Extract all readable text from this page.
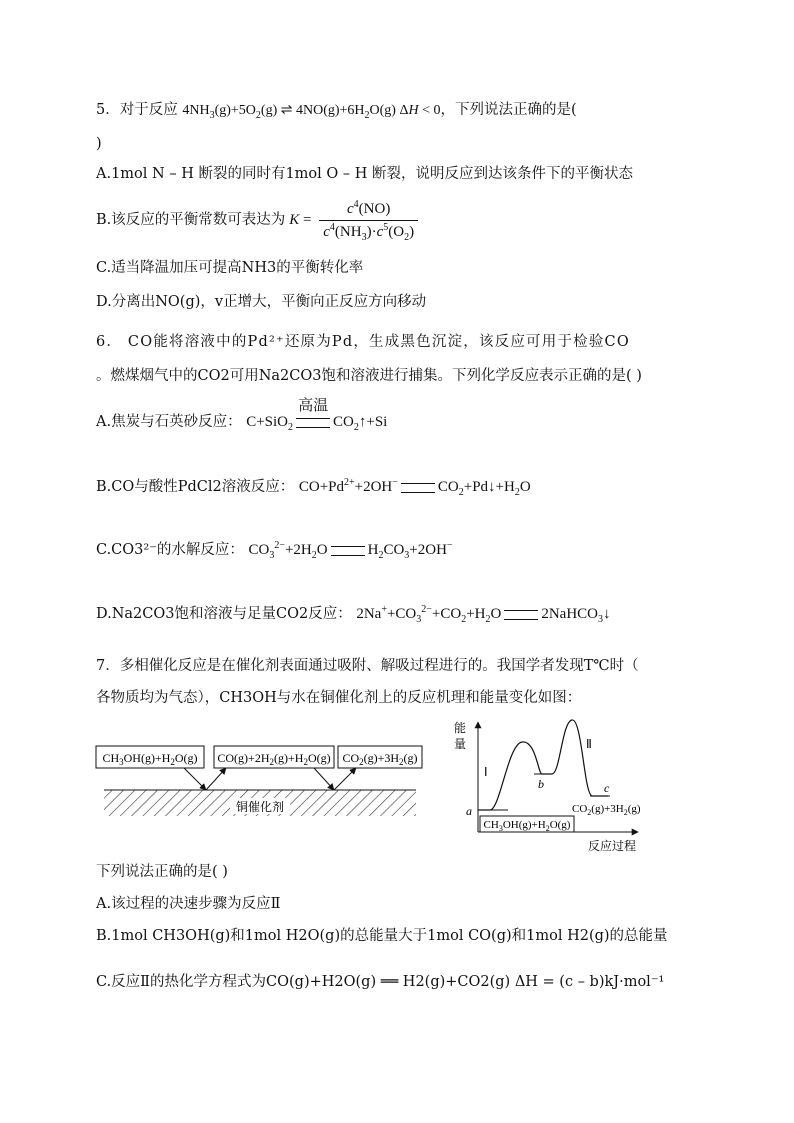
5．对于反应 $4NH_3(g)+5O_2(g)$ ⇌ $4NO(g)+6H_2O(g) \Delta H < 0$，下列说法正确的是(
)
A.1mol N – H 断裂的同时有1mol O – H 断裂，说明反应到达该条件下的平衡状态
B.该反应的平衡常数可表达为 $K = \frac{c^4(NO)}{c^4(NH_3)\cdot c^5(O_2)}$
C.适当降温加压可提高NH3的平衡转化率
D.分离出NO(g)，v正增大，平衡向正反应方向移动
6． CO能将溶液中的Pd²⁺还原为Pd，生成黑色沉淀，该反应可用于检验CO
。燃煤烟气中的CO2可用Na2CO3饱和溶液进行捕集。下列化学反应表示正确的是( )
A.焦炭与石英砂反应：
高温
C+SiO$_2$	$CO_2↑+Si$
B.CO与酸性PdCl2溶液反应： $CO+Pd^{2+}+2OH^-$	$CO_2+Pd↓+H_2O$
C.CO3²⁻的水解反应： $CO_3^{2-}+2H_2O$	$H_2CO_3+2OH^-$
D.Na2CO3饱和溶液与足量CO2反应： $2Na^++CO_3^{2-}+CO_2+H_2O$	2NaHCO$_3$↓
7．多相催化反应是在催化剂表面通过吸附、解吸过程进行的。我国学者发现T℃时（
各物质均为气态），CH3OH与水在铜催化剂上的反应机理和能量变化如图：
$CH_3OH(g)+H_2O(g)$ $CO(g)+2H_2(g)+H_2O(g)$ $CO_2(g)+3H_2(g)$
铜催化剂
能
量
Ⅰ
Ⅱ
a
b	c
$CO_2(g)+3H_2(g)$
$CH_3OH(g)+H_2O(g)$
反应过程
下列说法正确的是( )
A.该过程的决速步骤为反应Ⅱ
B.1mol CH3OH(g)和1mol H2O(g)的总能量大于1mol CO(g)和1mol H2(g)的总能量
C.反应Ⅱ的热化学方程式为CO(g)+H2O(g) ══ H2(g)+CO2(g) ΔH = (c – b)kJ·mol⁻¹
